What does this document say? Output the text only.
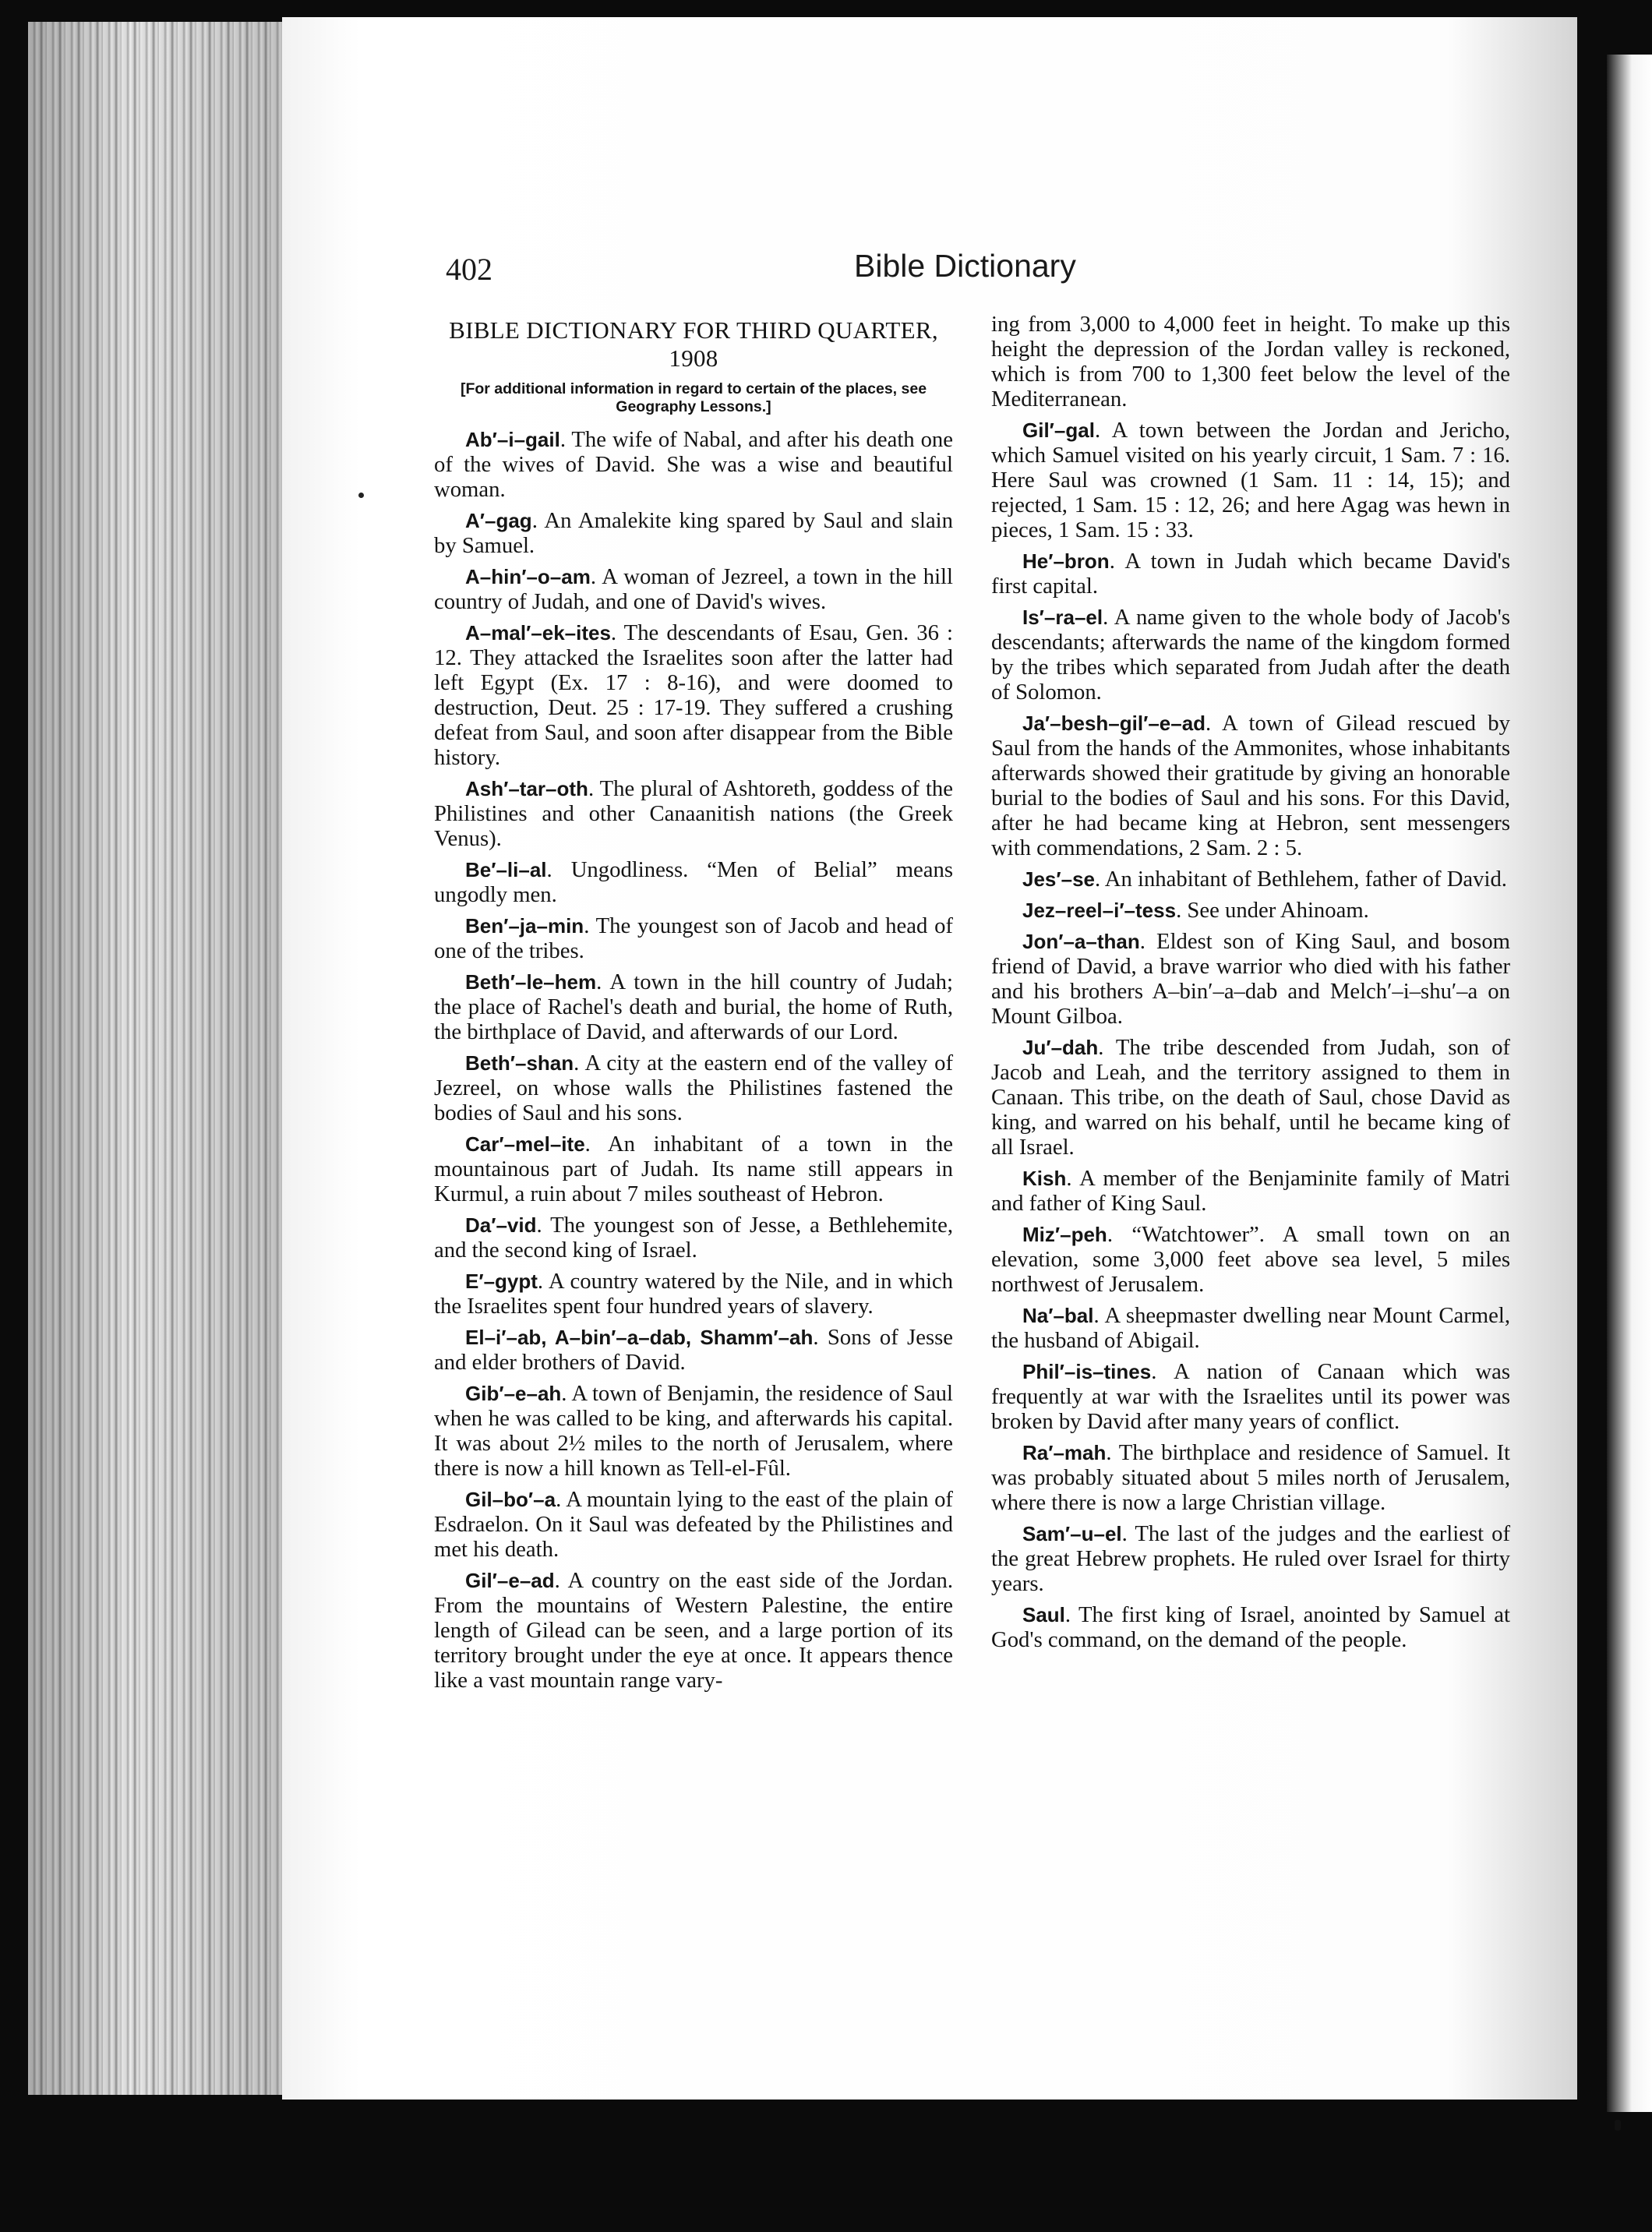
402	Bible Dictionary
BIBLE DICTIONARY FOR THIRD QUARTER, 1908
[For additional information in regard to certain of the places, see Geography Lessons.]

Ab′–i–gail. The wife of Nabal, and after his death one of the wives of David. She was a wise and beautiful woman.

A′–gag. An Amalekite king spared by Saul and slain by Samuel.

A–hin′–o–am. A woman of Jezreel, a town in the hill country of Judah, and one of David's wives.

A–mal′–ek–ites. The descendants of Esau, Gen. 36 : 12. They attacked the Israelites soon after the latter had left Egypt (Ex. 17 : 8-16), and were doomed to destruction, Deut. 25 : 17-19. They suffered a crushing defeat from Saul, and soon after disappear from the Bible history.

Ash′–tar–oth. The plural of Ashtoreth, goddess of the Philistines and other Canaanitish nations (the Greek Venus).

Be′–li–al. Ungodliness. “Men of Belial” means ungodly men.

Ben′–ja–min. The youngest son of Jacob and head of one of the tribes.

Beth′–le–hem. A town in the hill country of Judah; the place of Rachel's death and burial, the home of Ruth, the birthplace of David, and afterwards of our Lord.

Beth′–shan. A city at the eastern end of the valley of Jezreel, on whose walls the Philistines fastened the bodies of Saul and his sons.

Car′–mel–ite. An inhabitant of a town in the mountainous part of Judah. Its name still appears in Kurmul, a ruin about 7 miles southeast of Hebron.

Da′–vid. The youngest son of Jesse, a Bethlehemite, and the second king of Israel.

E′–gypt. A country watered by the Nile, and in which the Israelites spent four hundred years of slavery.

El–i′–ab, A–bin′–a–dab, Shamm′–ah. Sons of Jesse and elder brothers of David.

Gib′–e–ah. A town of Benjamin, the residence of Saul when he was called to be king, and afterwards his capital. It was about 2½ miles to the north of Jerusalem, where there is now a hill known as Tell-el-Fûl.

Gil–bo′–a. A mountain lying to the east of the plain of Esdraelon. On it Saul was defeated by the Philistines and met his death.

Gil′–e–ad. A country on the east side of the Jordan. From the mountains of Western Palestine, the entire length of Gilead can be seen, and a large portion of its territory brought under the eye at once. It appears thence like a vast mountain range vary-

ing from 3,000 to 4,000 feet in height. To make up this height the depression of the Jordan valley is reckoned, which is from 700 to 1,300 feet below the level of the Mediterranean.

Gil′–gal. A town between the Jordan and Jericho, which Samuel visited on his yearly circuit, 1 Sam. 7 : 16. Here Saul was crowned (1 Sam. 11 : 14, 15); and rejected, 1 Sam. 15 : 12, 26; and here Agag was hewn in pieces, 1 Sam. 15 : 33.

He′–bron. A town in Judah which became David's first capital.

Is′–ra–el. A name given to the whole body of Jacob's descendants; afterwards the name of the kingdom formed by the tribes which separated from Judah after the death of Solomon.

Ja′–besh–gil′–e–ad. A town of Gilead rescued by Saul from the hands of the Ammonites, whose inhabitants afterwards showed their gratitude by giving an honorable burial to the bodies of Saul and his sons. For this David, after he had became king at Hebron, sent messengers with commendations, 2 Sam. 2 : 5.

Jes′–se. An inhabitant of Bethlehem, father of David.

Jez–reel–i′–tess. See under Ahinoam.

Jon′–a–than. Eldest son of King Saul, and bosom friend of David, a brave warrior who died with his father and his brothers A–bin′–a–dab and Melch′–i–shu′–a on Mount Gilboa.

Ju′–dah. The tribe descended from Judah, son of Jacob and Leah, and the territory assigned to them in Canaan. This tribe, on the death of Saul, chose David as king, and warred on his behalf, until he became king of all Israel.

Kish. A member of the Benjaminite family of Matri and father of King Saul.

Miz′–peh. “Watchtower”. A small town on an elevation, some 3,000 feet above sea level, 5 miles northwest of Jerusalem.

Na′–bal. A sheepmaster dwelling near Mount Carmel, the husband of Abigail.

Phil′–is–tines. A nation of Canaan which was frequently at war with the Israelites until its power was broken by David after many years of conflict.

Ra′–mah. The birthplace and residence of Samuel. It was probably situated about 5 miles north of Jerusalem, where there is now a large Christian village.

Sam′–u–el. The last of the judges and the earliest of the great Hebrew prophets. He ruled over Israel for thirty years.

Saul. The first king of Israel, anointed by Samuel at God's command, on the demand of the people.
